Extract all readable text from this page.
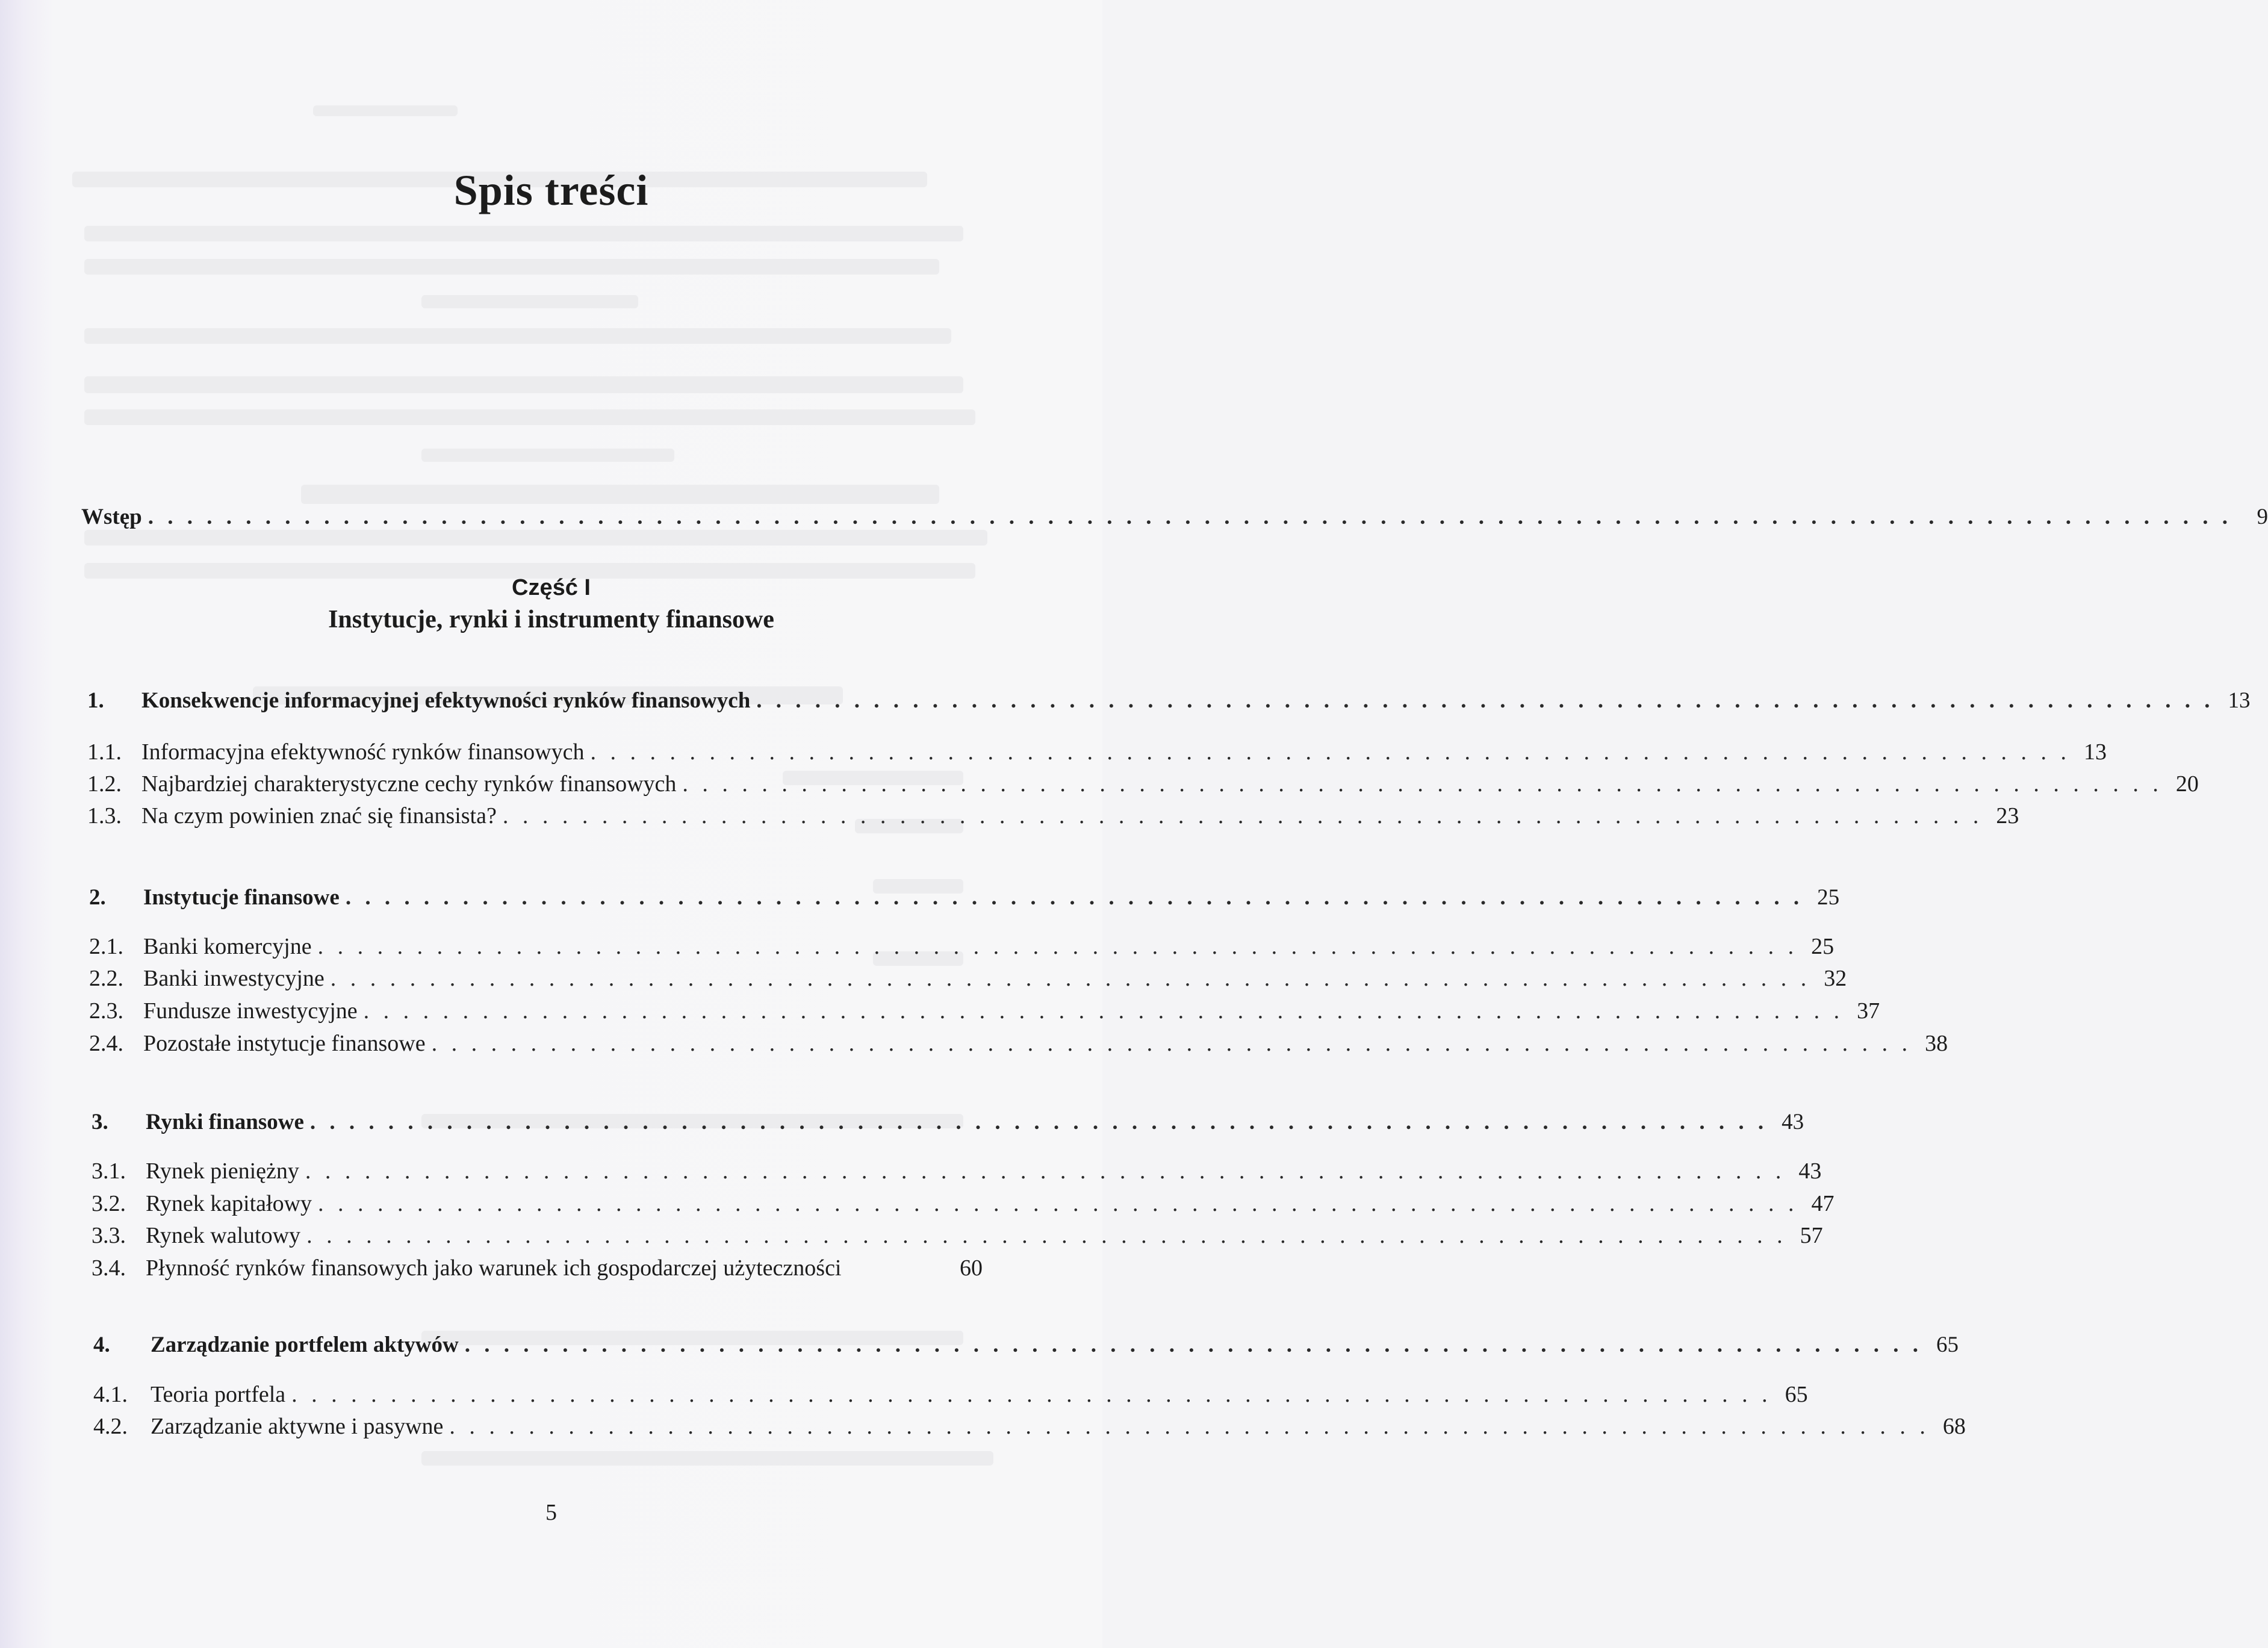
Spis treści
Wstęp . . . . . . . . . . . . . . . . . . . . . . . . . . . . . . . . . . . . . . . . . . . . . . . . . . . . . . . . . . . . . . . . . . . . . . . . . . . . . . . . . . . . . . . . . . . . . . . . . . . . . . . . . . .	9
Część I
Instytucje, rynki i instrumenty finansowe
1.	Konsekwencje informacyjnej efektywności rynków finansowych . . . . . . . . . . . . . . . . . . . . . . . . . . . . . . . . . . . . . . . . . . . . . . . . . . . . . . . . . . . . . . . . . . . . . . . . . . . 13
1.1. Informacyjna efektywność rynków finansowych . . . . . . . . . . . . . . . . . . . . . . . . . . . . . . . . . . . . . . . . . . . . . . . . . . . . . . . . . . . . . . . . . . . . . . . . . . . 13
1.2. Najbardziej charakterystyczne cechy rynków finansowych . . . . . . . . . . . . . . . . . . . . . . . . . . . . . . . . . . . . . . . . . . . . . . . . . . . . . . . . . . . . . . . . . . . . . . . . . . . 20
1.3. Na czym powinien znać się finansista? . . . . . . . . . . . . . . . . . . . . . . . . . . . . . . . . . . . . . . . . . . . . . . . . . . . . . . . . . . . . . . . . . . . . . . . . . . . 23
2.	Instytucje finansowe . . . . . . . . . . . . . . . . . . . . . . . . . . . . . . . . . . . . . . . . . . . . . . . . . . . . . . . . . . . . . . . . . . . . . . . . . . . 25
2.1. Banki komercyjne . . . . . . . . . . . . . . . . . . . . . . . . . . . . . . . . . . . . . . . . . . . . . . . . . . . . . . . . . . . . . . . . . . . . . . . . . . . 25
2.2. Banki inwestycyjne . . . . . . . . . . . . . . . . . . . . . . . . . . . . . . . . . . . . . . . . . . . . . . . . . . . . . . . . . . . . . . . . . . . . . . . . . . . 32
2.3. Fundusze inwestycyjne . . . . . . . . . . . . . . . . . . . . . . . . . . . . . . . . . . . . . . . . . . . . . . . . . . . . . . . . . . . . . . . . . . . . . . . . . . . 37
2.4. Pozostałe instytucje finansowe . . . . . . . . . . . . . . . . . . . . . . . . . . . . . . . . . . . . . . . . . . . . . . . . . . . . . . . . . . . . . . . . . . . . . . . . . . . 38
3.	Rynki finansowe . . . . . . . . . . . . . . . . . . . . . . . . . . . . . . . . . . . . . . . . . . . . . . . . . . . . . . . . . . . . . . . . . . . . . . . . . . . 43
3.1. Rynek pieniężny . . . . . . . . . . . . . . . . . . . . . . . . . . . . . . . . . . . . . . . . . . . . . . . . . . . . . . . . . . . . . . . . . . . . . . . . . . . 43
3.2. Rynek kapitałowy . . . . . . . . . . . . . . . . . . . . . . . . . . . . . . . . . . . . . . . . . . . . . . . . . . . . . . . . . . . . . . . . . . . . . . . . . . . 47
3.3. Rynek walutowy . . . . . . . . . . . . . . . . . . . . . . . . . . . . . . . . . . . . . . . . . . . . . . . . . . . . . . . . . . . . . . . . . . . . . . . . . . . 57
3.4. Płynność rynków finansowych jako warunek ich gospodarczej użyteczności	60
4.	Zarządzanie portfelem aktywów . . . . . . . . . . . . . . . . . . . . . . . . . . . . . . . . . . . . . . . . . . . . . . . . . . . . . . . . . . . . . . . . . . . . . . . . . . . 65
4.1.	Teoria portfela . . . . . . . . . . . . . . . . . . . . . . . . . . . . . . . . . . . . . . . . . . . . . . . . . . . . . . . . . . . . . . . . . . . . . . . . . . . 65
4.2.	Zarządzanie aktywne i pasywne . . . . . . . . . . . . . . . . . . . . . . . . . . . . . . . . . . . . . . . . . . . . . . . . . . . . . . . . . . . . . . . . . . . . . . . . . . . 68
5
